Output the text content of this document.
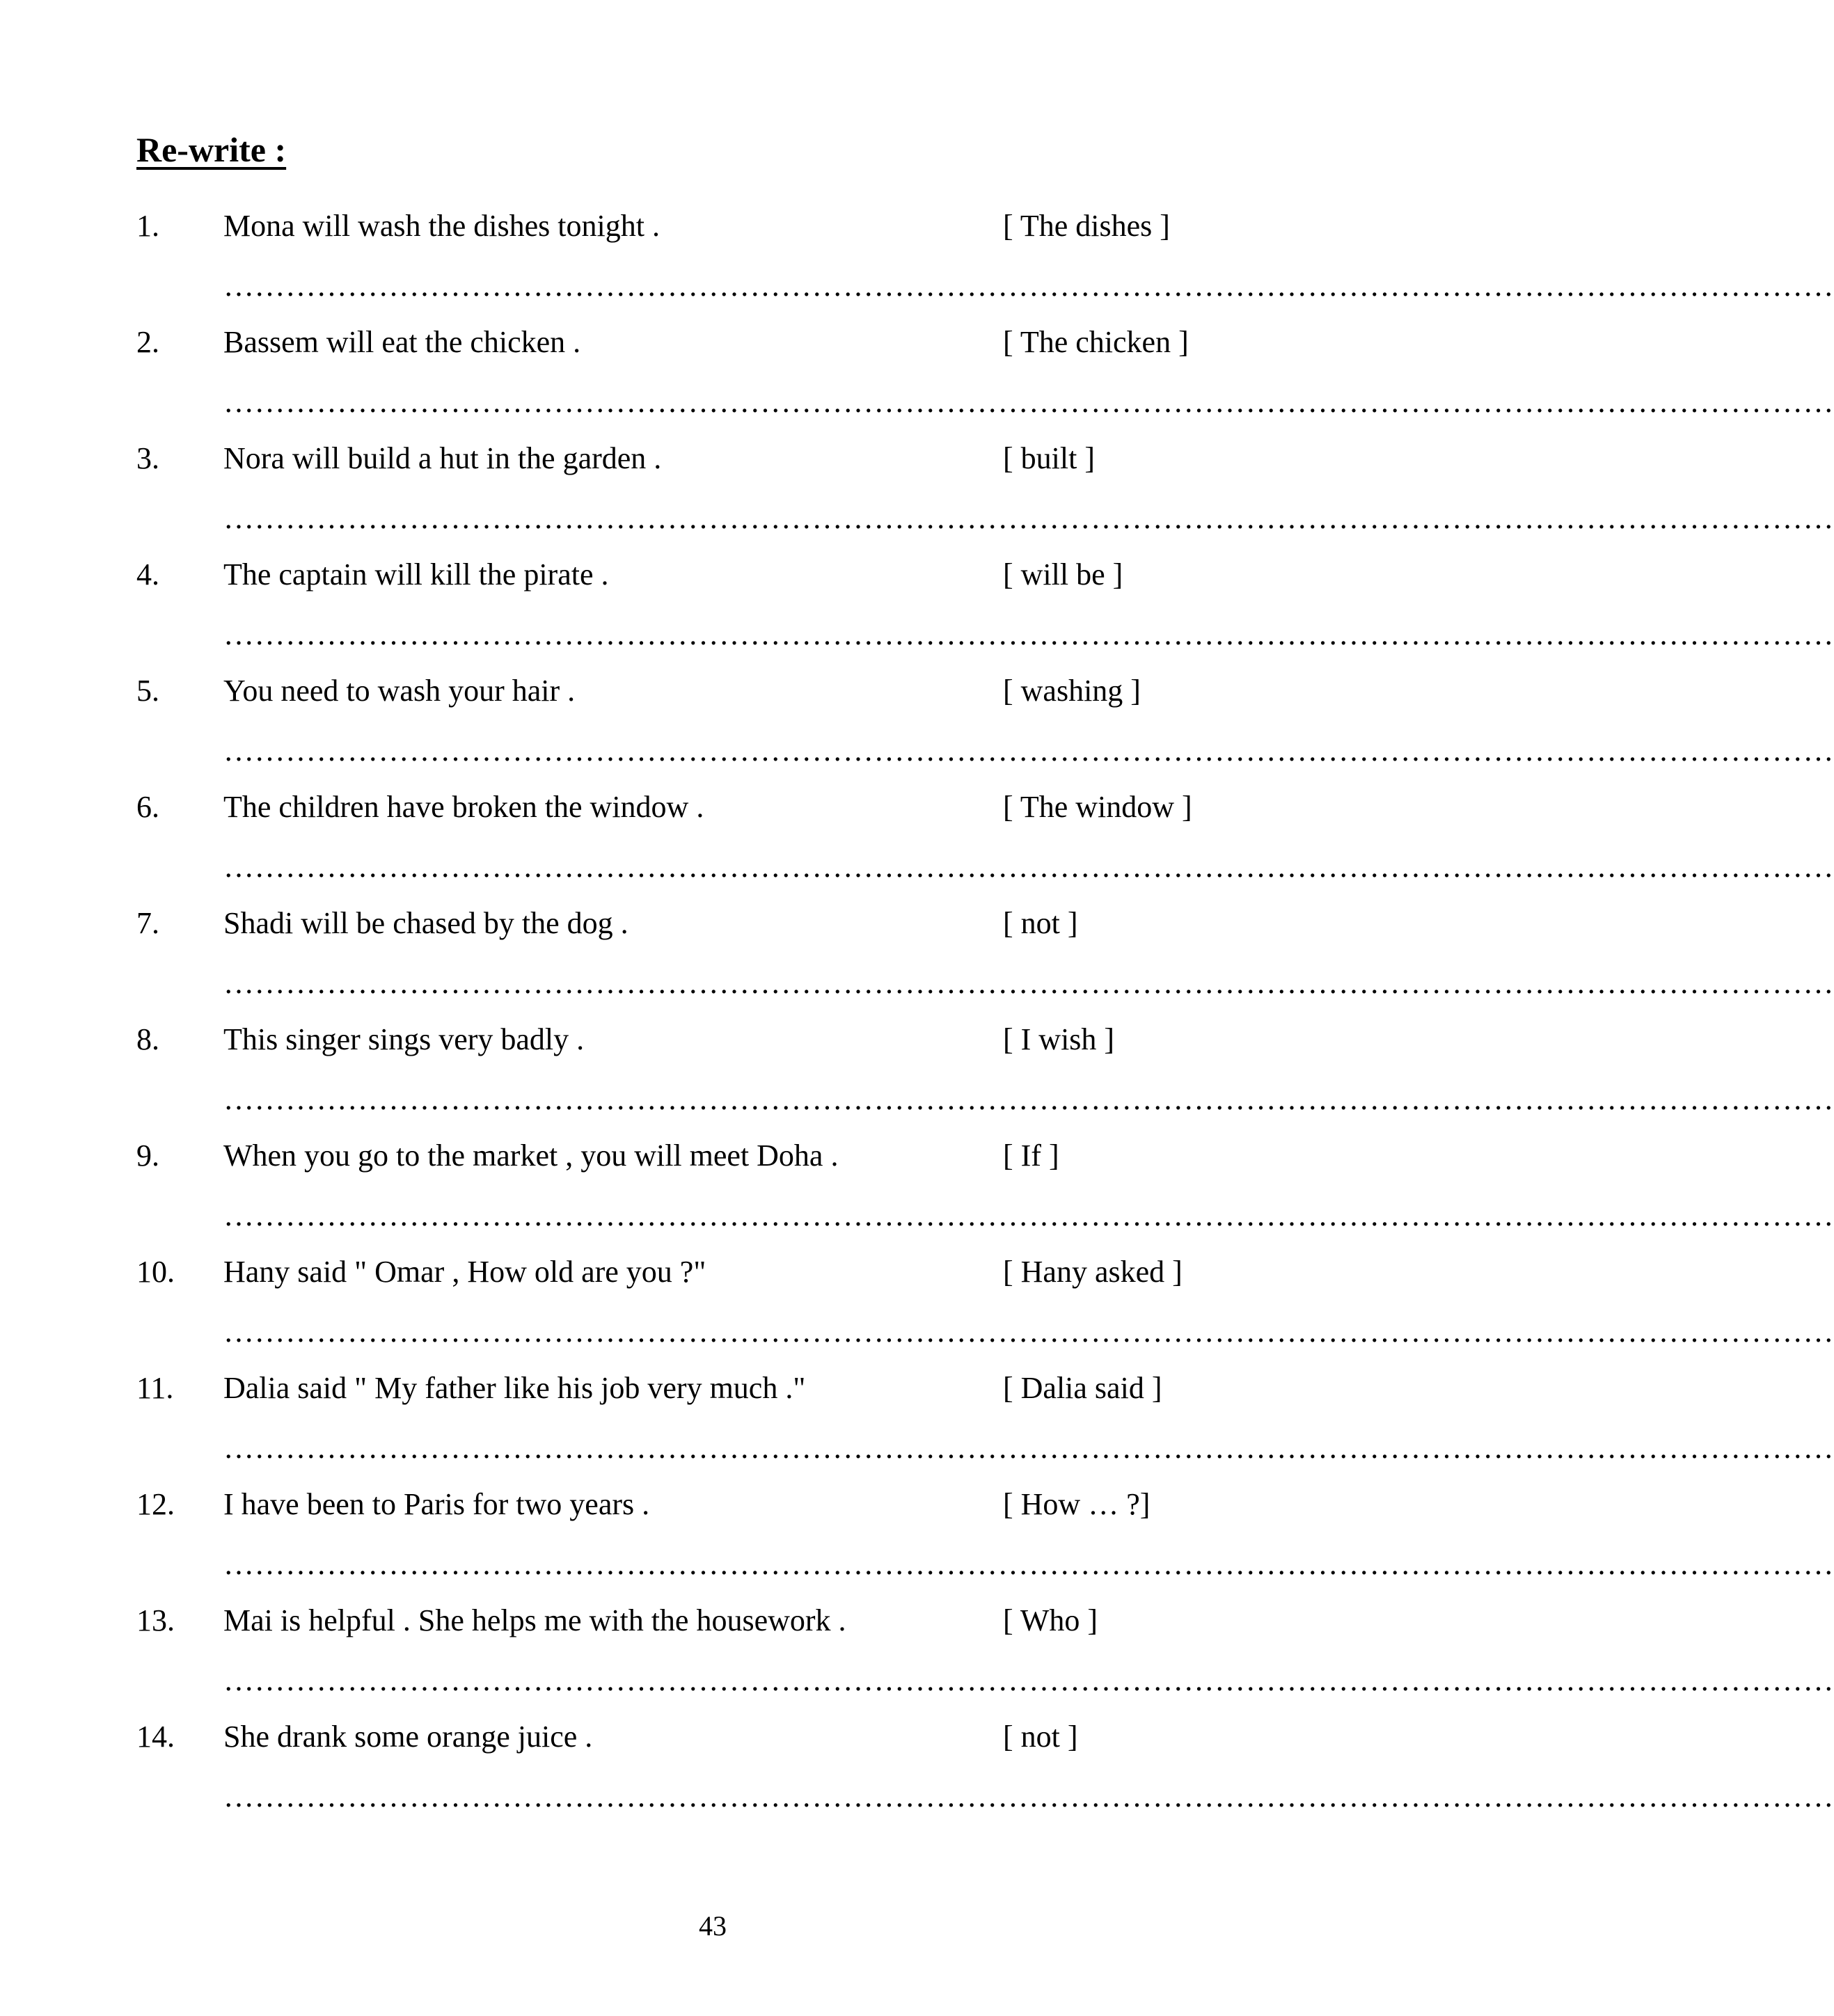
Re-write :
1. Mona will wash the dishes tonight .	[ The dishes ]
…………………………………………………………………………………………………………………………………………
2. Bassem will eat the chicken .	[ The chicken ]
…………………………………………………………………………………………………………………………………………
3. Nora will build a hut in the garden .	[ built ]
…………………………………………………………………………………………………………………………………………
4. The captain will kill the pirate .	[ will be ]
…………………………………………………………………………………………………………………………………………
5. You need to wash your hair .	[ washing ]
…………………………………………………………………………………………………………………………………………
6. The children have broken the window .	[ The window ]
…………………………………………………………………………………………………………………………………………
7. Shadi will be chased by the dog .	[ not ]
…………………………………………………………………………………………………………………………………………
8. This singer sings very badly .	[ I wish ]
…………………………………………………………………………………………………………………………………………
9. When you go to the market , you will meet Doha .	[ If ]
…………………………………………………………………………………………………………………………………………
10. Hany said " Omar , How old are you ?"	[ Hany asked ]
…………………………………………………………………………………………………………………………………………
11. Dalia said " My father like his job very much ."	[ Dalia said ]
…………………………………………………………………………………………………………………………………………
12. I have been to Paris for two years .	[ How … ?]
…………………………………………………………………………………………………………………………………………
13. Mai is helpful . She helps me with the housework .	[ Who ]
…………………………………………………………………………………………………………………………………………
14. She drank some orange juice .	[ not ]
…………………………………………………………………………………………………………………………………………
43
